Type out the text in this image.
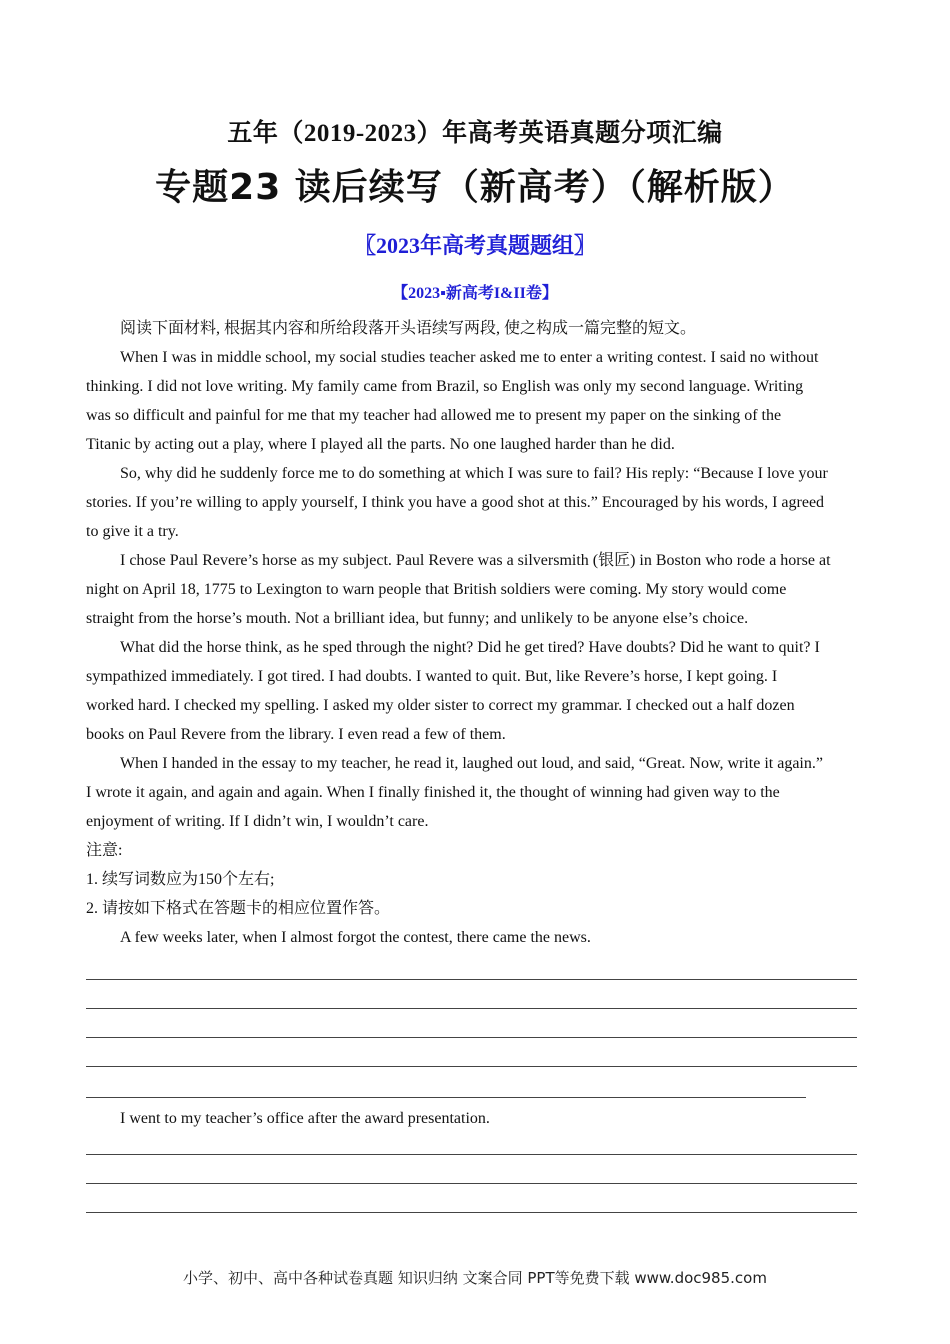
五年（2019-2023）年高考英语真题分项汇编
专题23 读后续写（新高考）（解析版）
〖2023年高考真题题组〗
【2023▪新高考I&II卷】
阅读下面材料, 根据其内容和所给段落开头语续写两段, 使之构成一篇完整的短文。
When I was in middle school, my social studies teacher asked me to enter a writing contest. I said no without
thinking. I did not love writing. My family came from Brazil, so English was only my second language. Writing
was so difficult and painful for me that my teacher had allowed me to present my paper on the sinking of the
Titanic by acting out a play, where I played all the parts. No one laughed harder than he did.
So, why did he suddenly force me to do something at which I was sure to fail? His reply: “Because I love your
stories. If you’re willing to apply yourself, I think you have a good shot at this.” Encouraged by his words, I agreed
to give it a try.
I chose Paul Revere’s horse as my subject. Paul Revere was a silversmith (银匠) in Boston who rode a horse at
night on April 18, 1775 to Lexington to warn people that British soldiers were coming. My story would come
straight from the horse’s mouth. Not a brilliant idea, but funny; and unlikely to be anyone else’s choice.
What did the horse think, as he sped through the night? Did he get tired? Have doubts? Did he want to quit? I
sympathized immediately. I got tired. I had doubts. I wanted to quit. But, like Revere’s horse, I kept going. I
worked hard. I checked my spelling. I asked my older sister to correct my grammar. I checked out a half dozen
books on Paul Revere from the library. I even read a few of them.
When I handed in the essay to my teacher, he read it, laughed out loud, and said, “Great. Now, write it again.”
I wrote it again, and again and again. When I finally finished it, the thought of winning had given way to the
enjoyment of writing. If I didn’t win, I wouldn’t care.
注意:
1. 续写词数应为150个左右;
2. 请按如下格式在答题卡的相应位置作答。
A few weeks later, when I almost forgot the contest, there came the news.
I went to my teacher’s office after the award presentation.
小学、初中、高中各种试卷真题 知识归纳 文案合同 PPT等免费下载 www.doc985.com
